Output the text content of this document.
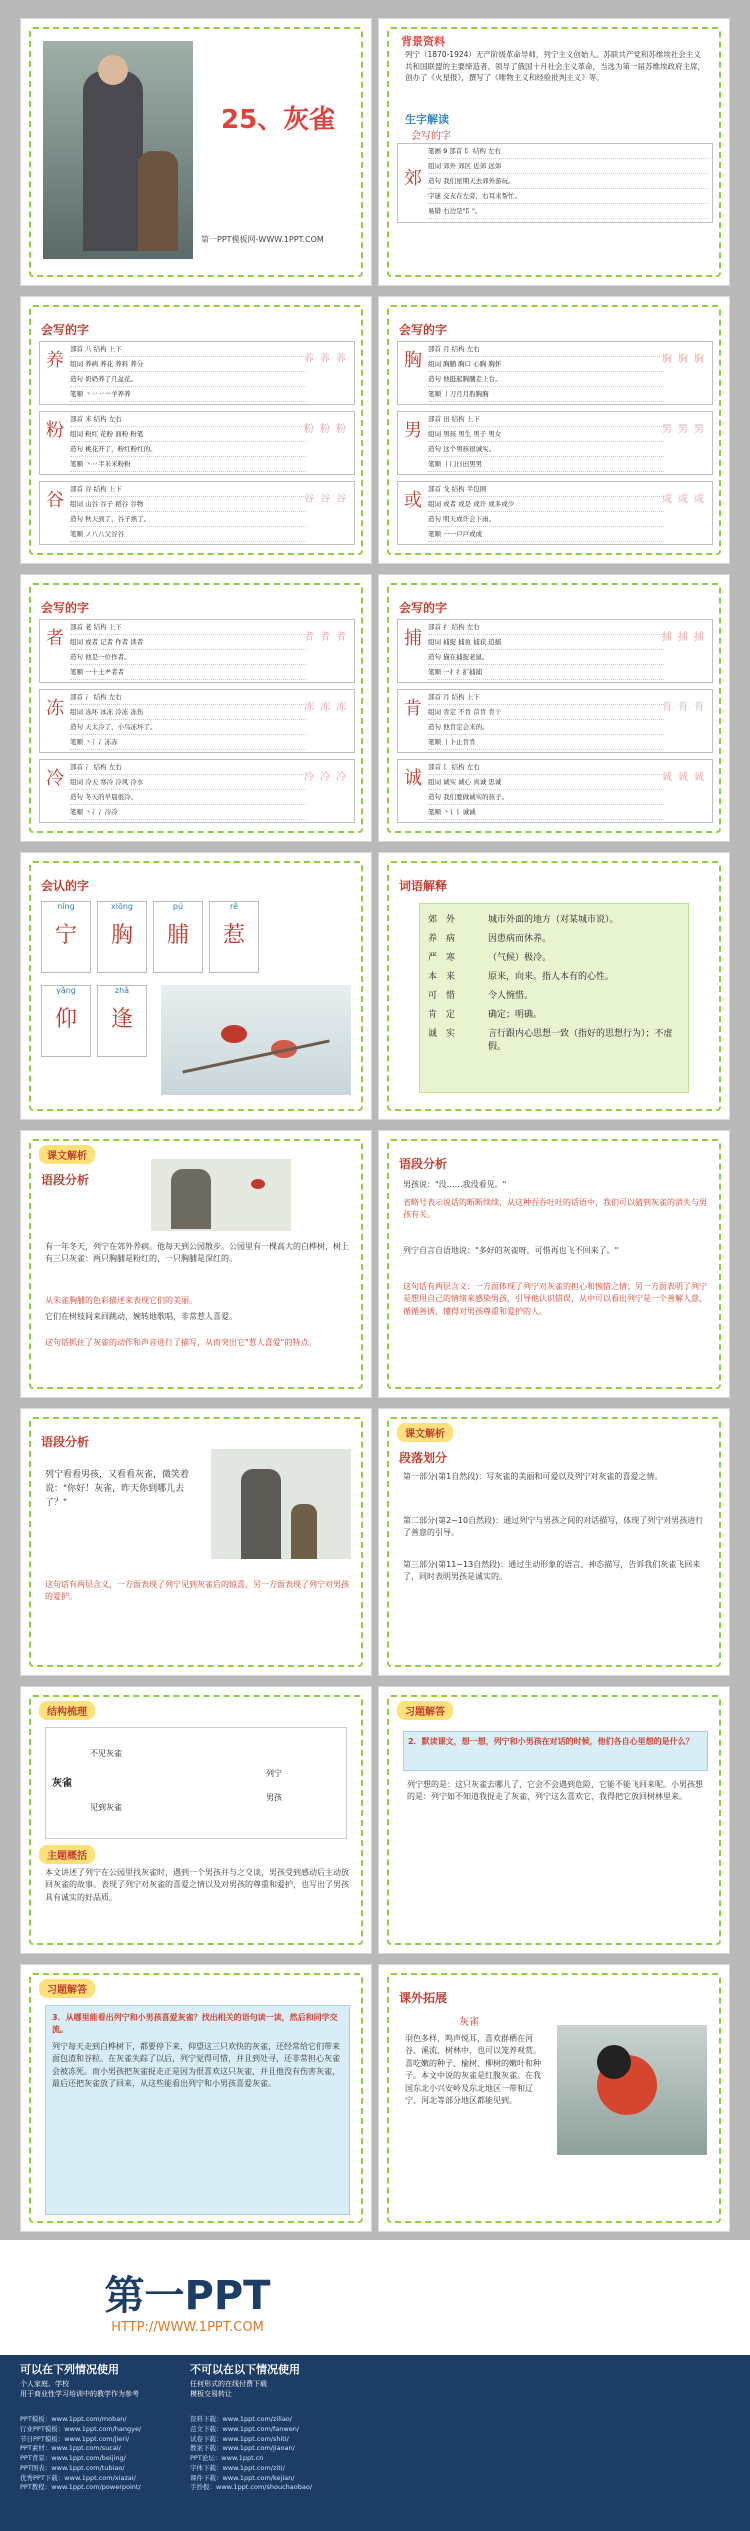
25、灰雀
第一PPT模板网-WWW.1PPT.COM
背景资料
列宁（1870-1924）无产阶级革命导师，列宁主义创始人。苏联共产党和苏维埃社会主义共和国联盟的主要缔造者。领导了俄国十月社会主义革命，当选为第一届苏维埃政府主席，创办了《火星报》，撰写了《唯物主义和经验批判主义》等。
生字解读
会写的字
郊
笔画 9 部首 阝 结构 左右
组词 郊外 郊区 近郊 远郊
造句 我们星期天去郊外游玩。
字谜 交友在左旁，右耳来帮忙。
易错 右边是"阝"。
会写的字
养
部首 八 结构 上下
组词 养病 养花 养料 养分
造句 奶奶养了几盆花。
笔顺 丶丷丷䒑羊养养
养养养
粉
部首 米 结构 左右
组词 粉红 花粉 面粉 粉笔
造句 桃花开了，粉红粉红的。
笔顺 丶丷半米米粉粉
粉粉粉
谷
部首 谷 结构 上下
组词 山谷 谷子 稻谷 谷物
造句 秋天到了，谷子熟了。
笔顺 ノ八八父谷谷
谷谷谷
会写的字
胸
部首 月 结构 左右
组词 胸脯 胸口 心胸 胸怀
造句 他挺起胸脯走上台。
笔顺 丿刀月月肑胸胸
胸胸胸
男
部首 田 结构 上下
组词 男孩 男生 男子 男女
造句 这个男孩很诚实。
笔顺 丨冂日田男男
男男男
或
部首 戈 结构 半包围
组词 或者 或是 或许 或多或少
造句 明天或许会下雨。
笔顺 一一戸戸或或
或或或
会写的字
者
部首 老 结构 上下
组词 或者 记者 作者 读者
造句 他是一位作者。
笔顺 一十土耂者者
者者者
冻
部首 冫 结构 左右
组词 冻坏 冰冻 冷冻 冻伤
造句 天太冷了，小鸟冻坏了。
笔顺 丶冫冫冻冻
冻冻冻
冷
部首 冫 结构 左右
组词 冷天 寒冷 冷风 冷水
造句 冬天的早晨很冷。
笔顺 丶冫冫冷冷
冷冷冷
会写的字
捕
部首 扌 结构 左右
组词 捕捉 捕鱼 捕获 追捕
造句 猫在捕捉老鼠。
笔顺 一扌扌扩捕捕
捕捕捕
肯
部首 月 结构 上下
组词 肯定 不肯 首肯 肯干
造句 他肯定会来的。
笔顺 丨卜止肯肯
肯肯肯
诚
部首 讠 结构 左右
组词 诚实 诚心 真诚 忠诚
造句 我们要做诚实的孩子。
笔顺 丶讠讠诚诚
诚诚诚
会认的字
níng
宁
xiōng
胸
pú
脯
rě
惹
yǎng
仰
zhǎ
逢
词语解释
郊　外	城市外面的地方（对某城市说）。
养　病	因患病而休养。
严　寒	（气候）极冷。
本　来	原来，向来。指人本有的心性。
可　惜	令人惋惜。
肯　定	确定；明确。
诚　实	言行跟内心思想一致（指好的思想行为）；不虚假。
课文解析
语段分析
有一年冬天，列宁在郊外养病。他每天到公园散步。公园里有一棵高大的白桦树，树上有三只灰雀：两只胸脯是粉红的，一只胸脯是深红的。
从朱雀胸脯的色彩描述来表现它们的美丽。
它们在树枝间来回跳动，婉转地歌唱，非常惹人喜爱。
这句话抓住了灰雀的动作和声音进行了描写，从而突出它"惹人喜爱"的特点。
语段分析
男孩说："没……我没看见。"
省略号表示说话的断断续续，从这种吞吞吐吐的话语中，我们可以猜到灰雀的消失与男孩有关。
列宁自言自语地说："多好的灰雀呀，可惜再也飞不回来了。"
这句话有两层含义：一方面体现了列宁对灰雀的担心和惋惜之情；另一方面表明了列宁是想用自己的情绪来感染男孩，引导他认识错误，从中可以看出列宁是一个善解人意、循循善诱，懂得对男孩尊重和爱护的人。
语段分析
列宁看看男孩，又看看灰雀，微笑着说："你好！灰雀，昨天你到哪儿去了？"
这句话有两层含义，一方面表现了列宁见到灰雀后的惊喜，另一方面表现了列宁对男孩的爱护。
课文解析
段落划分
第一部分(第1自然段)：写灰雀的美丽和可爱以及列宁对灰雀的喜爱之情。
第二部分(第2~10自然段)：通过列宁与男孩之间的对话描写，体现了列宁对男孩进行了善意的引导。
第三部分(第11~13自然段)：通过生动形象的语言、神态描写，告诉我们灰雀飞回来了，同时表明男孩是诚实的。
结构梳理
灰雀
不见灰雀
见到灰雀
列宁
男孩
主题概括
本文讲述了列宁在公园里找灰雀时，遇到一个男孩并与之交谈，男孩受到感动后主动放回灰雀的故事。表现了列宁对灰雀的喜爱之情以及对男孩的尊重和爱护，也写出了男孩具有诚实的好品质。
习题解答
2．默读课文，想一想，列宁和小男孩在对话的时候，他们各自心里想的是什么？
列宁想的是：这只灰雀去哪儿了，它会不会遇到危险，它能不能飞回来呢。小男孩想的是：列宁如不知道我捉走了灰雀，列宁这么喜欢它，我得把它放回树林里来。
习题解答
3．从哪里能看出列宁和小男孩喜爱灰雀？找出相关的语句读一读，然后和同学交流。
列宁每天走到白桦树下，都要停下来，仰望这三只欢快的灰雀，还经常给它们带来面包渣和谷粒。在灰雀失踪了以后，列宁觉得可惜，并且到处寻，还非常担心灰雀会被冻死。而小男孩把灰雀捉走正是因为很喜欢这只灰雀，并且他没有伤害灰雀，最后还把灰雀放了回来，从这些能看出列宁和小男孩喜爱灰雀。
课外拓展
灰雀
羽色多样，鸣声悦耳，喜欢群栖在河谷、溪流、树林中，也可以笼养观赏。喜吃嫩的种子、榆树、柳树的嫩叶和种子。本文中说的灰雀是红腹灰雀。在我国东北小兴安岭及东北地区一带和辽宁、河北等部分地区都能见到。
第一PPT
HTTP://WWW.1PPT.COM
可以在下列情况使用	不可以在以下情况使用
个人家庭、学校
用于商业性学习培训中的教学作为参考
任何形式的在线付费下载
模板交易转让
PPT模板：www.1ppt.com/moban/
行业PPT模板：www.1ppt.com/hangye/
节日PPT模板：www.1ppt.com/jieri/
PPT素材：www.1ppt.com/sucai/
PPT背景：www.1ppt.com/beijing/
PPT图表：www.1ppt.com/tubiao/
优秀PPT下载：www.1ppt.com/xiazai/
PPT教程：www.1ppt.com/powerpoint/
资料下载：www.1ppt.com/ziliao/
范文下载：www.1ppt.com/fanwen/
试卷下载：www.1ppt.com/shiti/
教案下载：www.1ppt.com/jiaoan/
PPT论坛：www.1ppt.cn
字体下载：www.1ppt.com/ziti/
课件下载：www.1ppt.com/kejian/
手抄报：www.1ppt.com/shouchaobao/
